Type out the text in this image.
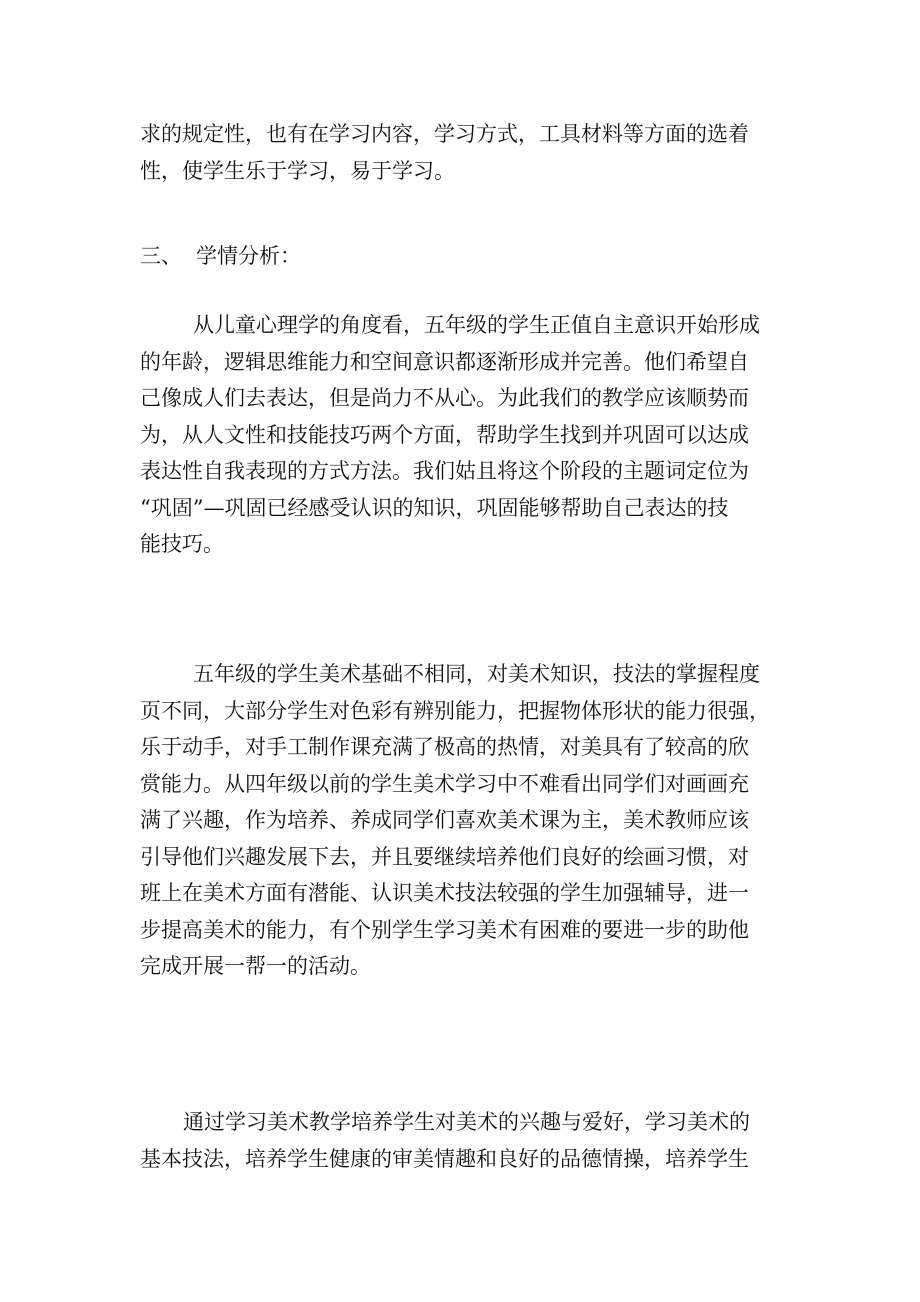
求的规定性，也有在学习内容，学习方式，工具材料等方面的选着
性，使学生乐于学习，易于学习。
三、 学情分析：
从儿童心理学的角度看，五年级的学生正值自主意识开始形成
的年龄，逻辑思维能力和空间意识都逐渐形成并完善。他们希望自
己像成人们去表达，但是尚力不从心。为此我们的教学应该顺势而
为，从人文性和技能技巧两个方面，帮助学生找到并巩固可以达成
表达性自我表现的方式方法。我们姑且将这个阶段的主题词定位为
“巩固”—巩固已经感受认识的知识，巩固能够帮助自己表达的技
能技巧。
五年级的学生美术基础不相同，对美术知识，技法的掌握程度
页不同，大部分学生对色彩有辨别能力，把握物体形状的能力很强，
乐于动手，对手工制作课充满了极高的热情，对美具有了较高的欣
赏能力。从四年级以前的学生美术学习中不难看出同学们对画画充
满了兴趣，作为培养、养成同学们喜欢美术课为主，美术教师应该
引导他们兴趣发展下去，并且要继续培养他们良好的绘画习惯，对
班上在美术方面有潜能、认识美术技法较强的学生加强辅导，进一
步提高美术的能力，有个别学生学习美术有困难的要进一步的助他
完成开展一帮一的活动。
通过学习美术教学培养学生对美术的兴趣与爱好，学习美术的
基本技法，培养学生健康的审美情趣和良好的品德情操，培养学生
